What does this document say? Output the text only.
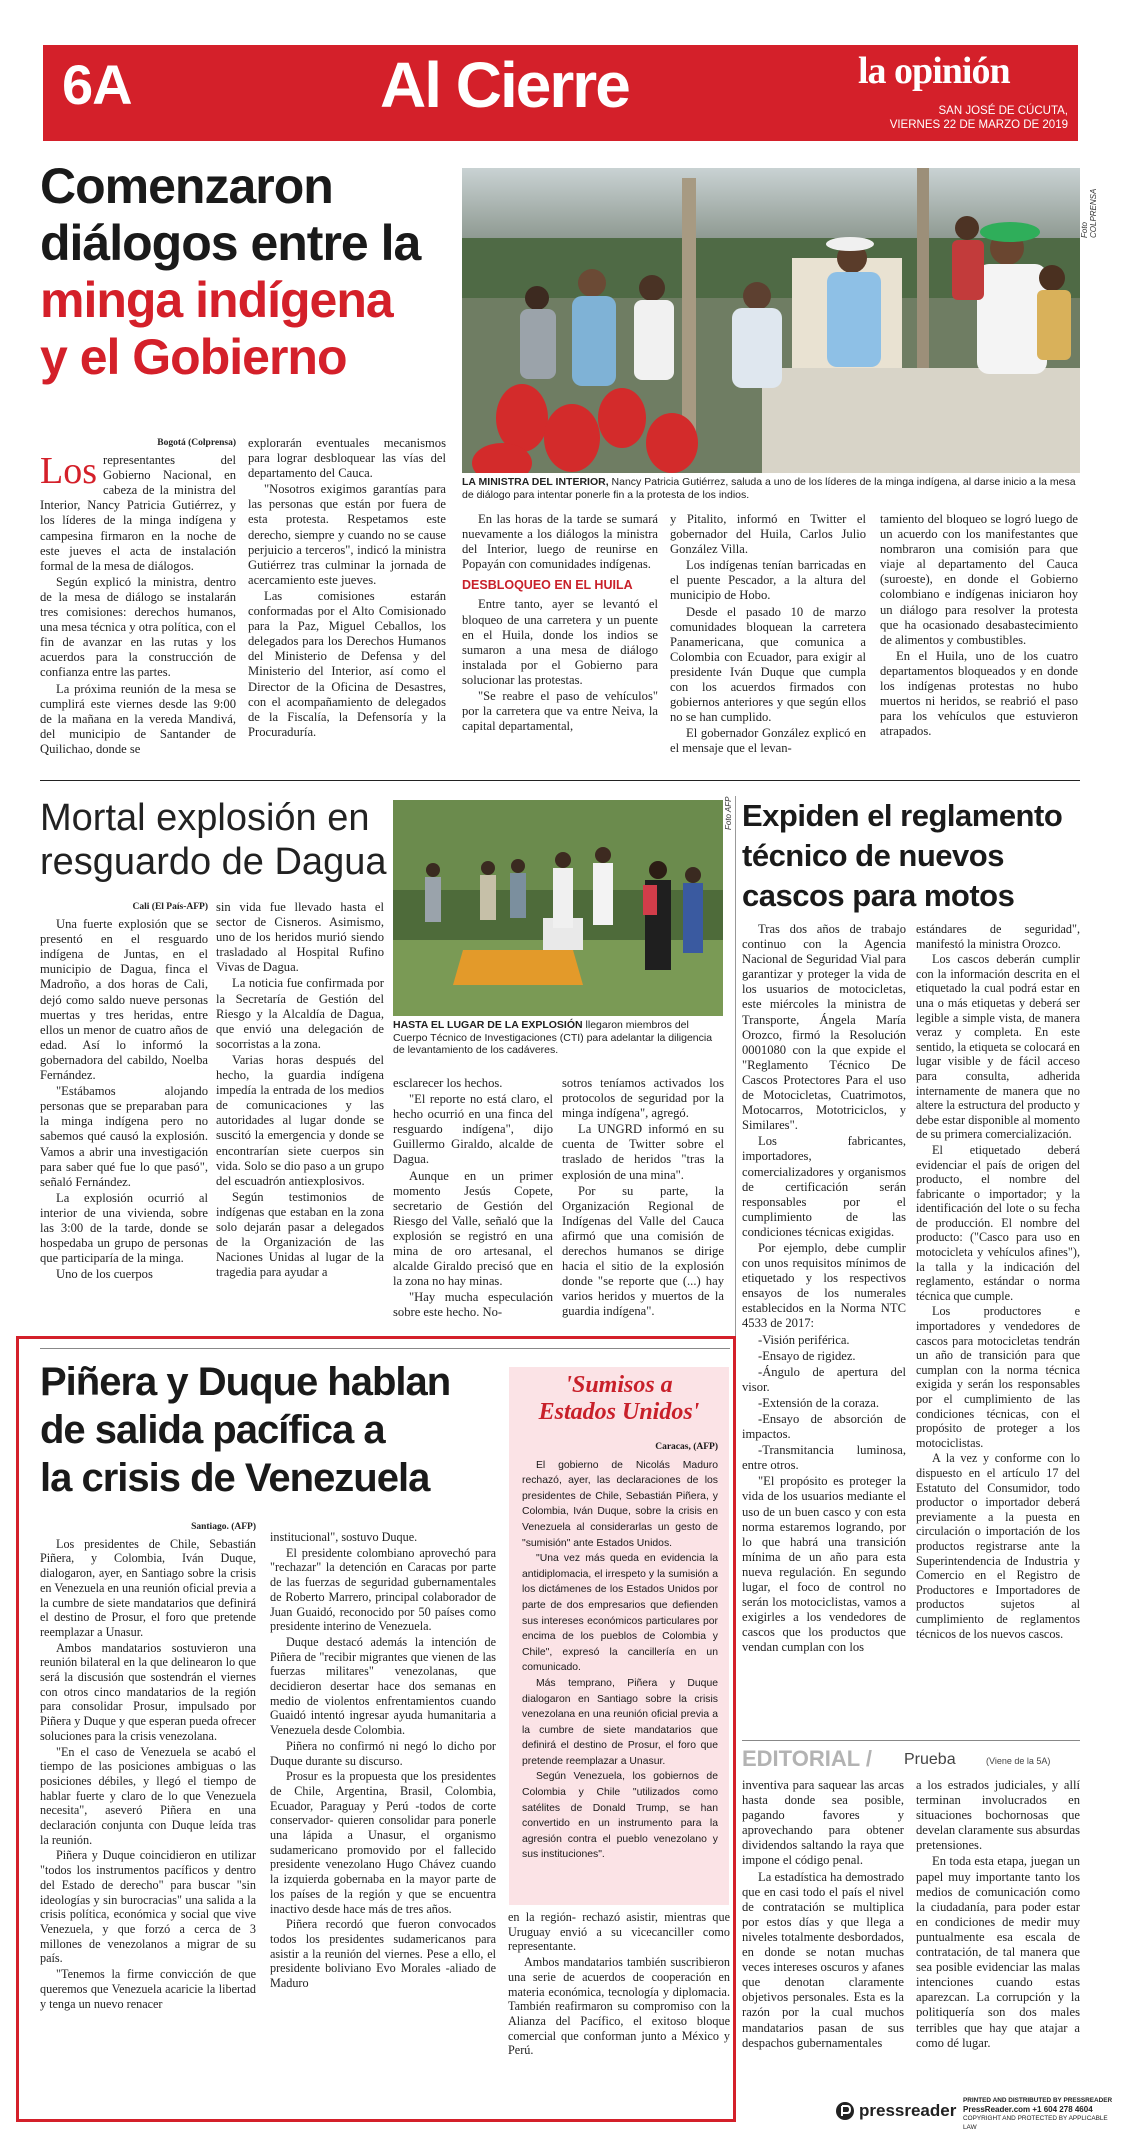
6A	Al Cierre	la opinión
SAN JOSÉ DE CÚCUTA,
VIERNES 22 DE MARZO DE 2019
Comenzaron
diálogos entre la
minga indígena
y el Gobierno
Foto COLPRENSA
LA MINISTRA DEL INTERIOR, Nancy Patricia Gutiérrez, saluda a uno de los líderes de la minga indígena, al darse inicio a la mesa de diálogo para intentar ponerle fin a la protesta de los indios.
Bogotá (Colprensa)

Los representantes del Gobierno Nacional, en cabeza de la ministra del Interior, Nancy Patricia Gutiérrez, y los líderes de la minga indígena y campesina firmaron en la noche de este jueves el acta de instalación formal de la mesa de diálogos.

Según explicó la ministra, dentro de la mesa de diálogo se instalarán tres comisiones: derechos humanos, una mesa técnica y otra política, con el fin de avanzar en las rutas y los acuerdos para la construcción de confianza entre las partes.

La próxima reunión de la mesa se cumplirá este viernes desde las 9:00 de la mañana en la vereda Mandivá, del municipio de Santander de Quilichao, donde se

explorarán eventuales mecanismos para lograr desbloquear las vías del departamento del Cauca.

"Nosotros exigimos garantías para las personas que están por fuera de esta protesta. Respetamos este derecho, siempre y cuando no se cause perjuicio a terceros", indicó la ministra Gutiérrez tras culminar la jornada de acercamiento este jueves.

Las comisiones estarán conformadas por el Alto Comisionado para la Paz, Miguel Ceballos, los delegados para los Derechos Humanos del Ministerio de Defensa y del Ministerio del Interior, así como el Director de la Oficina de Desastres, con el acompañamiento de delegados de la Fiscalía, la Defensoría y la Procuraduría.

En las horas de la tarde se sumará nuevamente a los diálogos la ministra del Interior, luego de reunirse en Popayán con comunidades indígenas.

DESBLOQUEO EN EL HUILA

Entre tanto, ayer se levantó el bloqueo de una carretera y un puente en el Huila, donde los indios se sumaron a una mesa de diálogo instalada por el Gobierno para solucionar las protestas.

"Se reabre el paso de vehículos" por la carretera que va entre Neiva, la capital departamental,

y Pitalito, informó en Twitter el gobernador del Huila, Carlos Julio González Villa.

Los indígenas tenían barricadas en el puente Pescador, a la altura del municipio de Hobo.

Desde el pasado 10 de marzo comunidades bloquean la carretera Panamericana, que comunica a Colombia con Ecuador, para exigir al presidente Iván Duque que cumpla con los acuerdos firmados con gobiernos anteriores y que según ellos no se han cumplido.

El gobernador González explicó en el mensaje que el levan-

tamiento del bloqueo se logró luego de un acuerdo con los manifestantes que nombraron una comisión para que viaje al departamento del Cauca (suroeste), en donde el Gobierno colombiano e indígenas iniciaron hoy un diálogo para resolver la protesta que ha ocasionado desabastecimiento de alimentos y combustibles.

En el Huila, uno de los cuatro departamentos bloqueados y en donde los indígenas protestas no hubo muertos ni heridos, se reabrió el paso para los vehículos que estuvieron atrapados.

Mortal explosión en
resguardo de Dagua
Foto AFP
HASTA EL LUGAR DE LA EXPLOSIÓN llegaron miembros del Cuerpo Técnico de Investigaciones (CTI) para adelantar la diligencia de levantamiento de los cadáveres.
Cali (El País-AFP)

Una fuerte explosión que se presentó en el resguardo indígena de Juntas, en el municipio de Dagua, finca el Madroño, a dos horas de Cali, dejó como saldo nueve personas muertas y tres heridas, entre ellos un menor de cuatro años de edad. Así lo informó la gobernadora del cabildo, Noelba Fernández.

"Estábamos alojando personas que se preparaban para la minga indígena pero no sabemos qué causó la explosión. Vamos a abrir una investigación para saber qué fue lo que pasó", señaló Fernández.

La explosión ocurrió al interior de una vivienda, sobre las 3:00 de la tarde, donde se hospedaba un grupo de personas que participaría de la minga.

Uno de los cuerpos

sin vida fue llevado hasta el sector de Cisneros. Asimismo, uno de los heridos murió siendo trasladado al Hospital Rufino Vivas de Dagua.

La noticia fue confirmada por la Secretaría de Gestión del Riesgo y la Alcaldía de Dagua, que envió una delegación de socorristas a la zona.

Varias horas después del hecho, la guardia indígena impedía la entrada de los medios de comunicaciones y las autoridades al lugar donde se suscitó la emergencia y donde se encontrarían siete cuerpos sin vida. Solo se dio paso a un grupo del escuadrón antiexplosivos.

Según testimonios de indígenas que estaban en la zona solo dejarán pasar a delegados de la Organización de las Naciones Unidas al lugar de la tragedia para ayudar a

esclarecer los hechos.

"El reporte no está claro, el hecho ocurrió en una finca del resguardo indígena", dijo Guillermo Giraldo, alcalde de Dagua.

Aunque en un primer momento Jesús Copete, secretario de Gestión del Riesgo del Valle, señaló que la explosión se registró en una mina de oro artesanal, el alcalde Giraldo precisó que en la zona no hay minas.

"Hay mucha especulación sobre este hecho. No-

sotros teníamos activados los protocolos de seguridad por la minga indígena", agregó.

La UNGRD informó en su cuenta de Twitter sobre el traslado de heridos "tras la explosión de una mina".

Por su parte, la Organización Regional de Indígenas del Valle del Cauca afirmó que una comisión de derechos humanos se dirige hacia el sitio de la explosión donde "se reporte que (...) hay varios heridos y muertos de la guardia indígena".

Expiden el reglamento
técnico de nuevos
cascos para motos

Tras dos años de trabajo continuo con la Agencia Nacional de Seguridad Vial para garantizar y proteger la vida de los usuarios de motocicletas, este miércoles la ministra de Transporte, Ángela María Orozco, firmó la Resolución 0001080 con la que expide el "Reglamento Técnico De Cascos Protectores Para el uso de Motocicletas, Cuatrimotos, Motocarros, Mototriciclos, y Similares".

Los fabricantes, importadores, comercializadores y organismos de certificación serán responsables por el cumplimiento de las condiciones técnicas exigidas.

Por ejemplo, debe cumplir con unos requisitos mínimos de etiquetado y los respectivos ensayos de los numerales establecidos en la Norma NTC 4533 de 2017:

-Visión periférica.

-Ensayo de rigidez.

-Ángulo de apertura del visor.

-Extensión de la coraza.

-Ensayo de absorción de impactos.

-Transmitancia luminosa, entre otros.

"El propósito es proteger la vida de los usuarios mediante el uso de un buen casco y con esta norma estaremos logrando, por lo que habrá una transición mínima de un año para esta nueva regulación. En segundo lugar, el foco de control no serán los motociclistas, vamos a exigirles a los vendedores de cascos que los productos que vendan cumplan con los

estándares de seguridad", manifestó la ministra Orozco.

Los cascos deberán cumplir con la información descrita en el etiquetado la cual podrá estar en una o más etiquetas y deberá ser legible a simple vista, de manera veraz y completa. En este sentido, la etiqueta se colocará en lugar visible y de fácil acceso para consulta, adherida internamente de manera que no altere la estructura del producto y debe estar disponible al momento de su primera comercialización.

El etiquetado deberá evidenciar el país de origen del producto, el nombre del fabricante o importador; y la identificación del lote o su fecha de producción. El nombre del producto: ("Casco para uso en motocicleta y vehículos afines"), la talla y la indicación del reglamento, estándar o norma técnica que cumple.

Los productores e importadores y vendedores de cascos para motocicletas tendrán un año de transición para que cumplan con la norma técnica exigida y serán los responsables por el cumplimiento de las condiciones técnicas, con el propósito de proteger a los motociclistas.

A la vez y conforme con lo dispuesto en el artículo 17 del Estatuto del Consumidor, todo productor o importador deberá previamente a la puesta en circulación o importación de los productos registrarse ante la Superintendencia de Industria y Comercio en el Registro de Productores e Importadores de productos sujetos al cumplimiento de reglamentos técnicos de los nuevos cascos.

Piñera y Duque hablan
de salida pacífica a
la crisis de Venezuela
Santiago. (AFP)

Los presidentes de Chile, Sebastián Piñera, y Colombia, Iván Duque, dialogaron, ayer, en Santiago sobre la crisis en Venezuela en una reunión oficial previa a la cumbre de siete mandatarios que definirá el destino de Prosur, el foro que pretende reemplazar a Unasur.

Ambos mandatarios sostuvieron una reunión bilateral en la que delinearon lo que será la discusión que sostendrán el viernes con otros cinco mandatarios de la región para consolidar Prosur, impulsado por Piñera y Duque y que esperan pueda ofrecer soluciones para la crisis venezolana.

"En el caso de Venezuela se acabó el tiempo de las posiciones ambiguas o las posiciones débiles, y llegó el tiempo de hablar fuerte y claro de lo que Venezuela necesita", aseveró Piñera en una declaración conjunta con Duque leída tras la reunión.

Piñera y Duque coincidieron en utilizar "todos los instrumentos pacíficos y dentro del Estado de derecho" para buscar "sin ideologías y sin burocracias" una salida a la crisis política, económica y social que vive Venezuela, y que forzó a cerca de 3 millones de venezolanos a migrar de su país.

"Tenemos la firme convicción de que queremos que Venezuela acaricie la libertad y tenga un nuevo renacer

institucional", sostuvo Duque.

El presidente colombiano aprovechó para "rechazar" la detención en Caracas por parte de las fuerzas de seguridad gubernamentales de Roberto Marrero, principal colaborador de Juan Guaidó, reconocido por 50 países como presidente interino de Venezuela.

Duque destacó además la intención de Piñera de "recibir migrantes que vienen de las fuerzas militares" venezolanas, que decidieron desertar hace dos semanas en medio de violentos enfrentamientos cuando Guaidó intentó ingresar ayuda humanitaria a Venezuela desde Colombia.

Piñera no confirmó ni negó lo dicho por Duque durante su discurso.

Prosur es la propuesta que los presidentes de Chile, Argentina, Brasil, Colombia, Ecuador, Paraguay y Perú -todos de corte conservador- quieren consolidar para ponerle una lápida a Unasur, el organismo sudamericano promovido por el fallecido presidente venezolano Hugo Chávez cuando la izquierda gobernaba en la mayor parte de los países de la región y que se encuentra inactivo desde hace más de tres años.

Piñera recordó que fueron convocados todos los presidentes sudamericanos para asistir a la reunión del viernes. Pese a ello, el presidente boliviano Evo Morales -aliado de Maduro

'Sumisos a
Estados Unidos'
Caracas, (AFP)

El gobierno de Nicolás Maduro rechazó, ayer, las declaraciones de los presidentes de Chile, Sebastián Piñera, y Colombia, Iván Duque, sobre la crisis en Venezuela al considerarlas un gesto de "sumisión" ante Estados Unidos.

"Una vez más queda en evidencia la antidiplomacia, el irrespeto y la sumisión a los dictámenes de los Estados Unidos por parte de dos empresarios que defienden sus intereses económicos particulares por encima de los pueblos de Colombia y Chile", expresó la cancillería en un comunicado.

Más temprano, Piñera y Duque dialogaron en Santiago sobre la crisis venezolana en una reunión oficial previa a la cumbre de siete mandatarios que definirá el destino de Prosur, el foro que pretende reemplazar a Unasur.

Según Venezuela, los gobiernos de Colombia y Chile "utilizados como satélites de Donald Trump, se han convertido en un instrumento para la agresión contra el pueblo venezolano y sus instituciones".

en la región- rechazó asistir, mientras que Uruguay envió a su vicecanciller como representante.

Ambos mandatarios también suscribieron una serie de acuerdos de cooperación en materia económica, tecnología y diplomacia. También reafirmaron su compromiso con la Alianza del Pacífico, el exitoso bloque comercial que conforman junto a México y Perú.

EDITORIAL / Prueba	(Viene de la 5A)

inventiva para saquear las arcas hasta donde sea posible, pagando favores y aprovechando para obtener dividendos saltando la raya que impone el código penal.

La estadística ha demostrado que en casi todo el país el nivel de contratación se multiplica por estos días y que llega a niveles totalmente desbordados, en donde se notan muchas veces intereses oscuros y afanes que denotan claramente objetivos personales. Esta es la razón por la cual muchos mandatarios pasan de sus despachos gubernamentales

a los estrados judiciales, y allí terminan involucrados en situaciones bochornosas que develan claramente sus absurdas pretensiones.

En toda esta etapa, juegan un papel muy importante tanto los medios de comunicación como la ciudadanía, para poder estar en condiciones de medir muy puntualmente esa escala de contratación, de tal manera que sea posible evidenciar las malas intenciones cuando estas aparezcan. La corrupción y la politiquería son dos males terribles que hay que atajar a como dé lugar.

pressreader
PRINTED AND DISTRIBUTED BY PRESSREADER
PressReader.com +1 604 278 4604
COPYRIGHT AND PROTECTED BY APPLICABLE LAW
